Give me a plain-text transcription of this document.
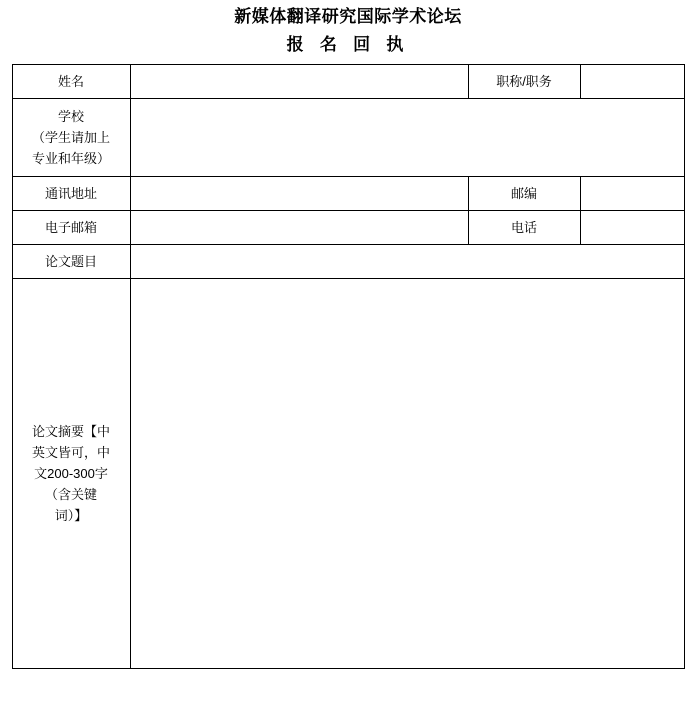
新媒体翻译研究国际学术论坛
报 名 回 执
姓名		职称/职务	

学校
（学生请加上
专业和年级）			

通讯地址		邮编	
电子邮箱		电话	
论文题目			

论文摘要【中
英文皆可，中
文200-300字
（含关键
词）】			
